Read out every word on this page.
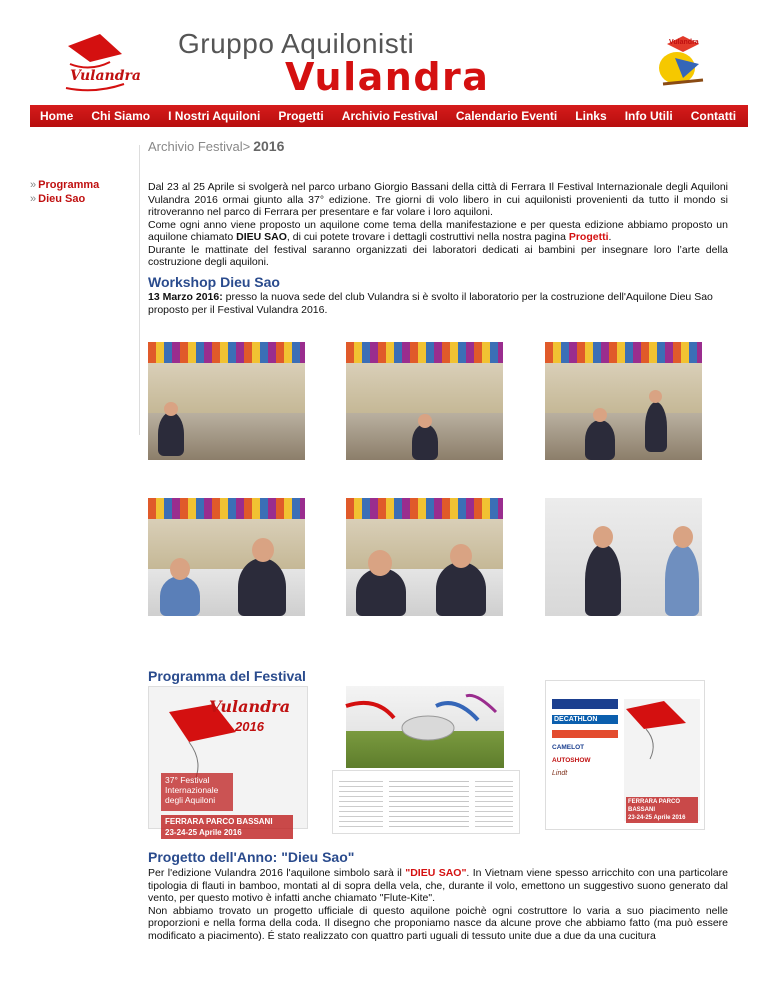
Vulandra
Gruppo Aquilonisti
Vulandra
Vulandra
Home Chi Siamo I Nostri Aquiloni Progetti Archivio Festival Calendario Eventi Links Info Utili Contatti
Archivio Festival> 2016
» Programma
» Dieu Sao
Dal 23 al 25 Aprile si svolgerà nel parco urbano Giorgio Bassani della città di Ferrara Il Festival Internazionale degli Aquiloni Vulandra 2016 ormai giunto alla 37° edizione. Tre giorni di volo libero in cui aquilonisti provenienti da tutto il mondo si ritroveranno nel parco di Ferrara per presentare e far volare i loro aquiloni.
Come ogni anno viene proposto un aquilone come tema della manifestazione e per questa edizione abbiamo proposto un aquilone chiamato DIEU SAO, di cui potete trovare i dettagli costruttivi nella nostra pagina Progetti.
Durante le mattinate del festival saranno organizzati dei laboratori dedicati ai bambini per insegnare loro l’arte della costruzione degli aquiloni.
Workshop Dieu Sao
13 Marzo 2016: presso la nuova sede del club Vulandra si è svolto il laboratorio per la costruzione dell'Aquilone Dieu Sao proposto per il Festival Vulandra 2016.
Programma del Festival
Vulandra
2016
37° Festival
Internazionale
degli Aquiloni
FERRARA PARCO BASSANI
23-24-25 Aprile 2016
DECATHLON
CAMELOT
AUTOSHOW
Lindt
FERRARA PARCO BASSANI
23-24-25 Aprile 2016
Progetto dell'Anno: "Dieu Sao"
Per l'edizione Vulandra 2016 l'aquilone simbolo sarà il "DIEU SAO". In Vietnam viene spesso arricchito con una particolare tipologia di flauti in bamboo, montati al di sopra della vela, che, durante il volo, emettono un suggestivo suono generato dal vento, per questo motivo è infatti anche chiamato "Flute-Kite".
Non abbiamo trovato un progetto ufficiale di questo aquilone poichè ogni costruttore lo varia a suo piacimento nelle proporzioni e nella forma della coda. Il disegno che proponiamo nasce da alcune prove che abbiamo fatto (ma può essere modificato a piacimento). É stato realizzato con quattro parti uguali di tessuto unite due a due da una cucitura
